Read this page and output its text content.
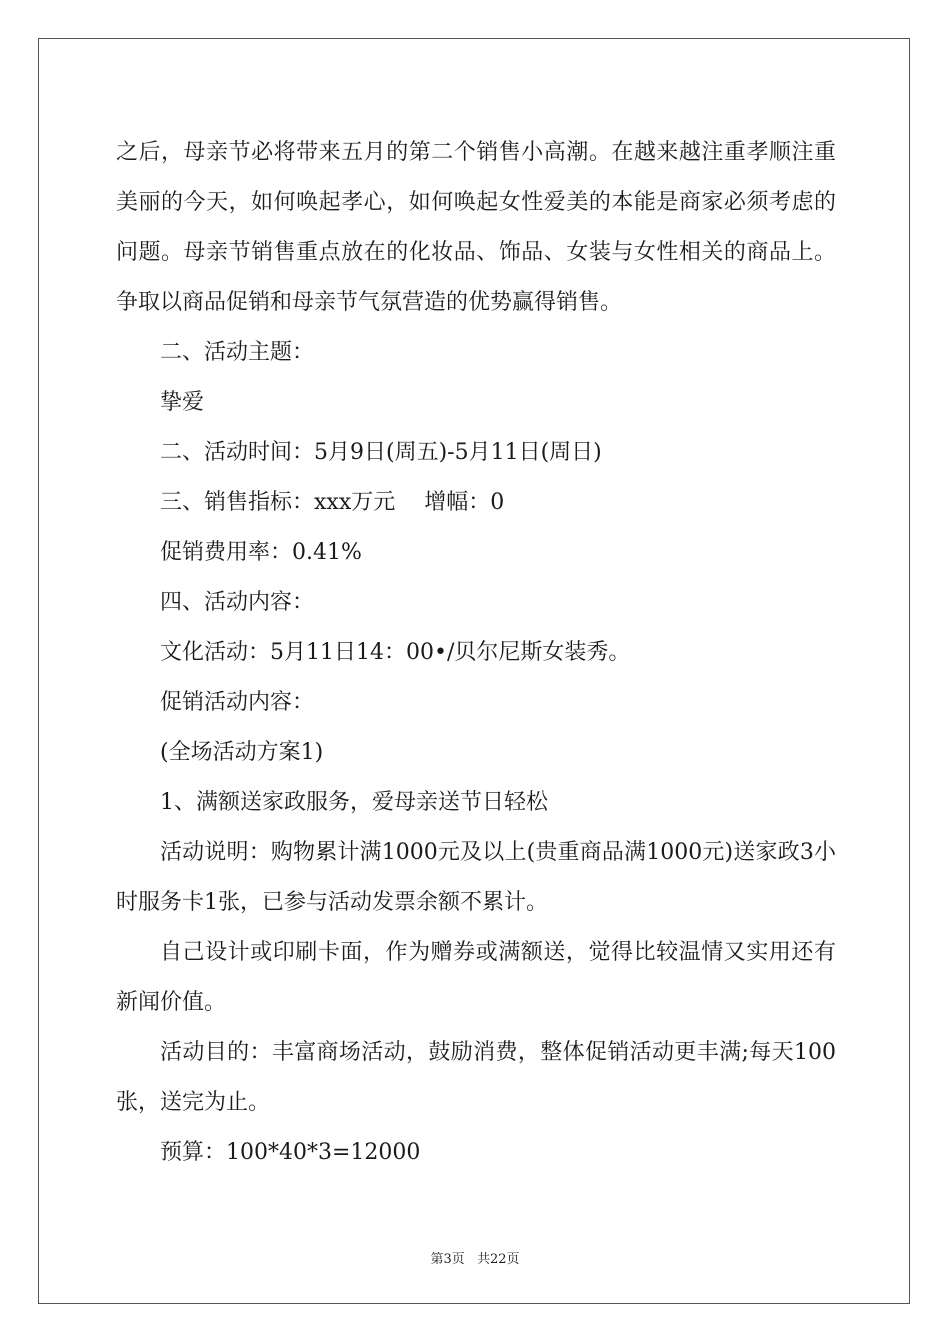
之后，母亲节必将带来五月的第二个销售小高潮。在越来越注重孝顺注重美丽的今天，如何唤起孝心，如何唤起女性爱美的本能是商家必须考虑的问题。母亲节销售重点放在的化妆品、饰品、女装与女性相关的商品上。争取以商品促销和母亲节气氛营造的优势赢得销售。

二、活动主题：

挚爱

二、活动时间：5月9日(周五)-5月11日(周日)

三、销售指标：xxx万元　 增幅：0

促销费用率：0.41%

四、活动内容：

文化活动：5月11日14：00•/贝尔尼斯女装秀。

促销活动内容：

(全场活动方案1)

1、满额送家政服务，爱母亲送节日轻松

活动说明：购物累计满1000元及以上(贵重商品满1000元)送家政3小时服务卡1张，已参与活动发票余额不累计。

自己设计或印刷卡面，作为赠券或满额送，觉得比较温情又实用还有新闻价值。

活动目的：丰富商场活动，鼓励消费，整体促销活动更丰满;每天100张，送完为止。

预算：100*40*3=12000

第3页 共22页
